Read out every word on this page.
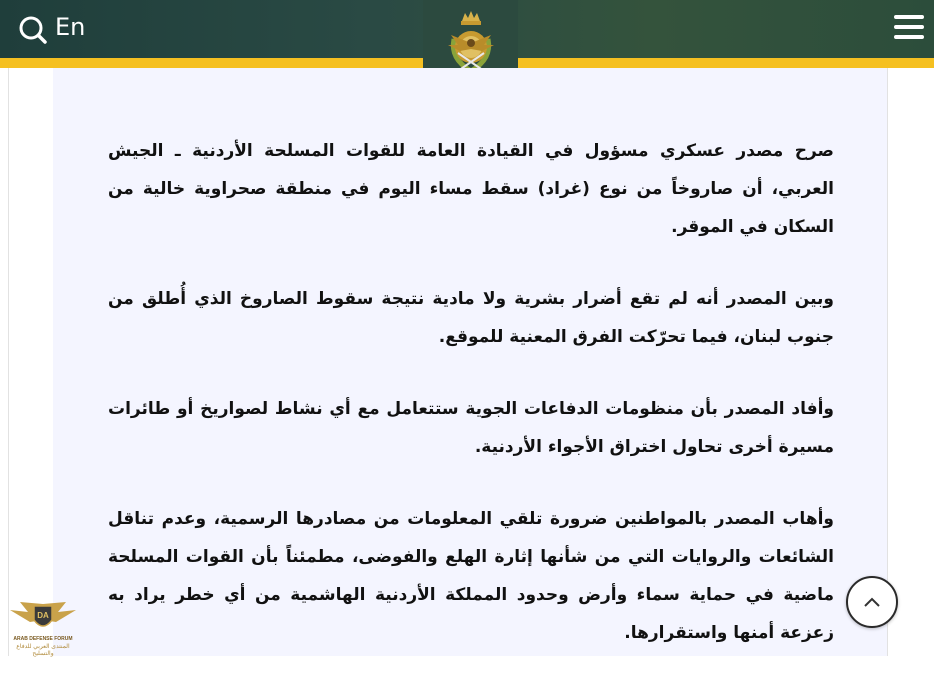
En

صرح مصدر عسكري مسؤول في القيادة العامة للقوات المسلحة الأردنية ـ الجيش العربي، أن صاروخاً من نوع (غراد) سقط مساء اليوم في منطقة صحراوية خالية من السكان في الموقر.

وبين المصدر أنه لم تقع أضرار بشرية ولا مادية نتيجة سقوط الصاروخ الذي أُطلق من جنوب لبنان، فيما تحرّكت الفرق المعنية للموقع.

وأفاد المصدر بأن منظومات الدفاعات الجوية ستتعامل مع أي نشاط لصواريخ أو طائرات مسيرة أخرى تحاول اختراق الأجواء الأردنية.

وأهاب المصدر بالمواطنين ضرورة تلقي المعلومات من مصادرها الرسمية، وعدم تناقل الشائعات والروايات التي من شأنها إثارة الهلع والفوضى، مطمئناً بأن القوات المسلحة ماضية في حماية سماء وأرض وحدود المملكة الأردنية الهاشمية من أي خطر يراد به زعزعة أمنها واستقرارها.

DA
ARAB DEFENSE FORUM
المنتدى العربي للدفاع والتسليح
